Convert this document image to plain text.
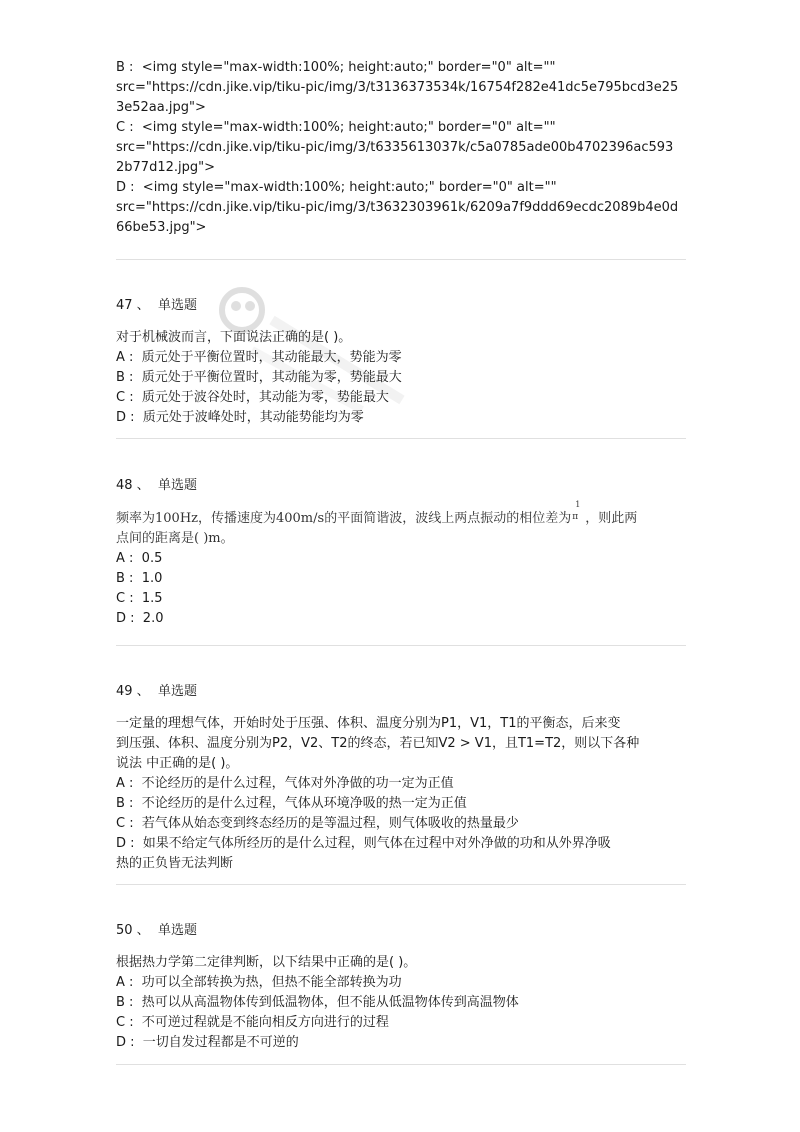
B : <img style="max-width:100%; height:auto;" border="0" alt=""
src="https://cdn.jike.vip/tiku-pic/img/3/t3136373534k/16754f282e41dc5e795bcd3e25
3e52aa.jpg">
C : <img style="max-width:100%; height:auto;" border="0" alt=""
src="https://cdn.jike.vip/tiku-pic/img/3/t6335613037k/c5a0785ade00b4702396ac593
2b77d12.jpg">
D : <img style="max-width:100%; height:auto;" border="0" alt=""
src="https://cdn.jike.vip/tiku-pic/img/3/t3632303961k/6209a7f9ddd69ecdc2089b4e0d
66be53.jpg">
47 、 单选题
对于机械波而言，下面说法正确的是( )。
A : 质元处于平衡位置时，其动能最大，势能为零
B : 质元处于平衡位置时，其动能为零，势能最大
C : 质元处于波谷处时，其动能为零，势能最大
D : 质元处于波峰处时，其动能势能均为零
48 、 单选题
频率为100Hz，传播速度为400m/s的平面简谐波，波线上两点振动的相位差为
1
π ，则此两
点间的距离是( )m。
A : 0.5
B : 1.0
C : 1.5
D : 2.0
49 、 单选题
一定量的理想气体，开始时处于压强、体积、温度分别为P1，V1，T1的平衡态，后来变
到压强、体积、温度分别为P2，V2、T2的终态，若已知V2 > V1，且T1=T2，则以下各种
说法 中正确的是( )。
A : 不论经历的是什么过程，气体对外净做的功一定为正值
B : 不论经历的是什么过程，气体从环境净吸的热一定为正值
C : 若气体从始态变到终态经历的是等温过程，则气体吸收的热量最少
D : 如果不给定气体所经历的是什么过程，则气体在过程中对外净做的功和从外界净吸
热的正负皆无法判断
50 、 单选题
根据热力学第二定律判断，以下结果中正确的是( )。
A : 功可以全部转换为热，但热不能全部转换为功
B : 热可以从高温物体传到低温物体，但不能从低温物体传到高温物体
C : 不可逆过程就是不能向相反方向进行的过程
D : 一切自发过程都是不可逆的
